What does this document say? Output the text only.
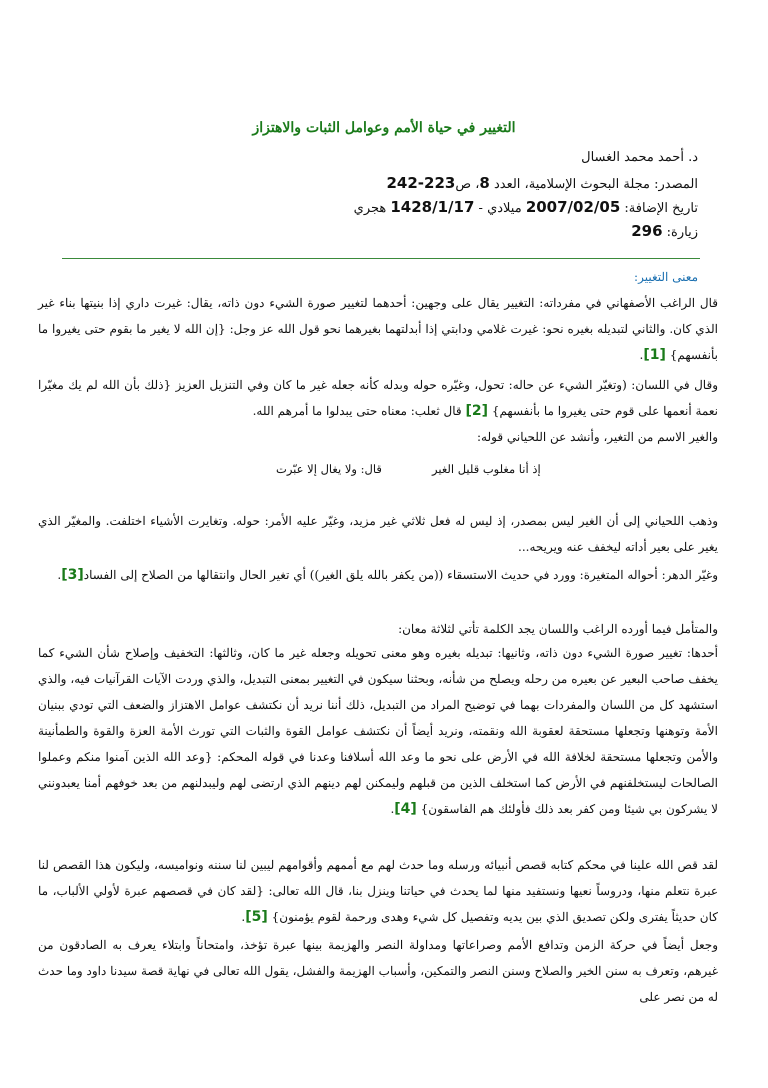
التغيير في حياة الأمم وعوامل الثبات والاهتزاز
د. أحمد محمد الغسال
المصدر: مجلة البحوث الإسلامية، العدد 8، ص223-242
تاريخ الإضافة: 2007/02/05 ميلادي - 1428/1/17 هجري
زيارة: 296
معنى التغيير:
قال الراغب الأصفهاني في مفرداته: التغيير يقال على وجهين: أحدهما لتغيير صورة الشيء دون ذاته، يقال: غيرت داري إذا بنيتها بناء غير الذي كان. والثاني لتبديله بغيره نحو: غيرت غلامي ودابتي إذا أبدلتهما بغيرهما نحو قول الله عز وجل: {إن الله لا يغير ما بقوم حتى يغيروا ما بأنفسهم} [1].
وقال في اللسان: (وتغيّر الشيء عن حاله: تحول، وغيّره حوله وبدله كأنه جعله غير ما كان وفي التنزيل العزيز {ذلك بأن الله لم يك مغيّرا نعمة أنعمها على قوم حتى يغيروا ما بأنفسهم} [2] قال ثعلب: معناه حتى يبدلوا ما أمرهم الله.
والغير الاسم من التغير، وأنشد عن اللحياني قوله:
إذ أنا مغلوب قليل الغير
قال: ولا يغال إلا عبّرت
وذهب اللحياني إلى أن الغير ليس بمصدر، إذ ليس له فعل ثلاثي غير مزيد، وغيّر عليه الأمر: حوله. وتغايرت الأشياء اختلفت. والمغيّر الذي يغير على بعير أداته ليخفف عنه ويريحه...
وغيّر الدهر: أحواله المتغيرة: وورد في حديث الاستسقاء ((من يكفر بالله يلق الغير)) أي تغير الحال وانتقالها من الصلاح إلى الفساد[3].
والمتأمل فيما أورده الراغب واللسان يجد الكلمة تأتي لثلاثة معان:
أحدها: تغيير صورة الشيء دون ذاته، وثانيها: تبديله بغيره وهو معنى تحويله وجعله غير ما كان، وثالثها: التخفيف وإصلاح شأن الشيء كما يخفف صاحب البعير عن بعيره من رحله ويصلح من شأنه، وبحثنا سيكون في التغيير بمعنى التبديل، والذي وردت الآيات القرآنيات فيه، والذي استشهد كل من اللسان والمفردات بهما في توضيح المراد من التبديل، ذلك أننا نريد أن نكتشف عوامل الاهتزاز والضعف التي تودي ببنيان الأمة وتوهنها وتجعلها مستحقة لعقوبة الله ونقمته، ونريد أيضاً أن نكتشف عوامل القوة والثبات التي تورث الأمة العزة والقوة والطمأنينة والأمن وتجعلها مستحقة لخلافة الله في الأرض على نحو ما وعد الله أسلافنا وعدنا في قوله المحكم: {وعد الله الذين آمنوا منكم وعملوا الصالحات ليستخلفنهم في الأرض كما استخلف الذين من قبلهم وليمكنن لهم دينهم الذي ارتضى لهم وليبدلنهم من بعد خوفهم أمنا يعبدونني لا يشركون بي شيئا ومن كفر بعد ذلك فأولئك هم الفاسقون} [4].
لقد قص الله علينا في محكم كتابه قصص أنبيائه ورسله وما حدث لهم مع أممهم وأقوامهم ليبين لنا سننه ونواميسه، وليكون هذا القصص لنا عبرة نتعلم منها، ودروساً نعيها ونستفيد منها لما يحدث في حياتنا وينزل بنا، قال الله تعالى: {لقد كان في قصصهم عبرة لأولي الألباب، ما كان حديثاً يفترى ولكن تصديق الذي بين يديه وتفصيل كل شيء وهدى ورحمة لقوم يؤمنون} [5].
وجعل أيضاً في حركة الزمن وتدافع الأمم وصراعاتها ومداولة النصر والهزيمة بينها عبرة تؤخذ، وامتحاناً وابتلاء يعرف به الصادقون من غيرهم، وتعرف به سنن الخير والصلاح وسنن النصر والتمكين، وأسباب الهزيمة والفشل، يقول الله تعالى في نهاية قصة سيدنا داود وما حدث له من نصر على
